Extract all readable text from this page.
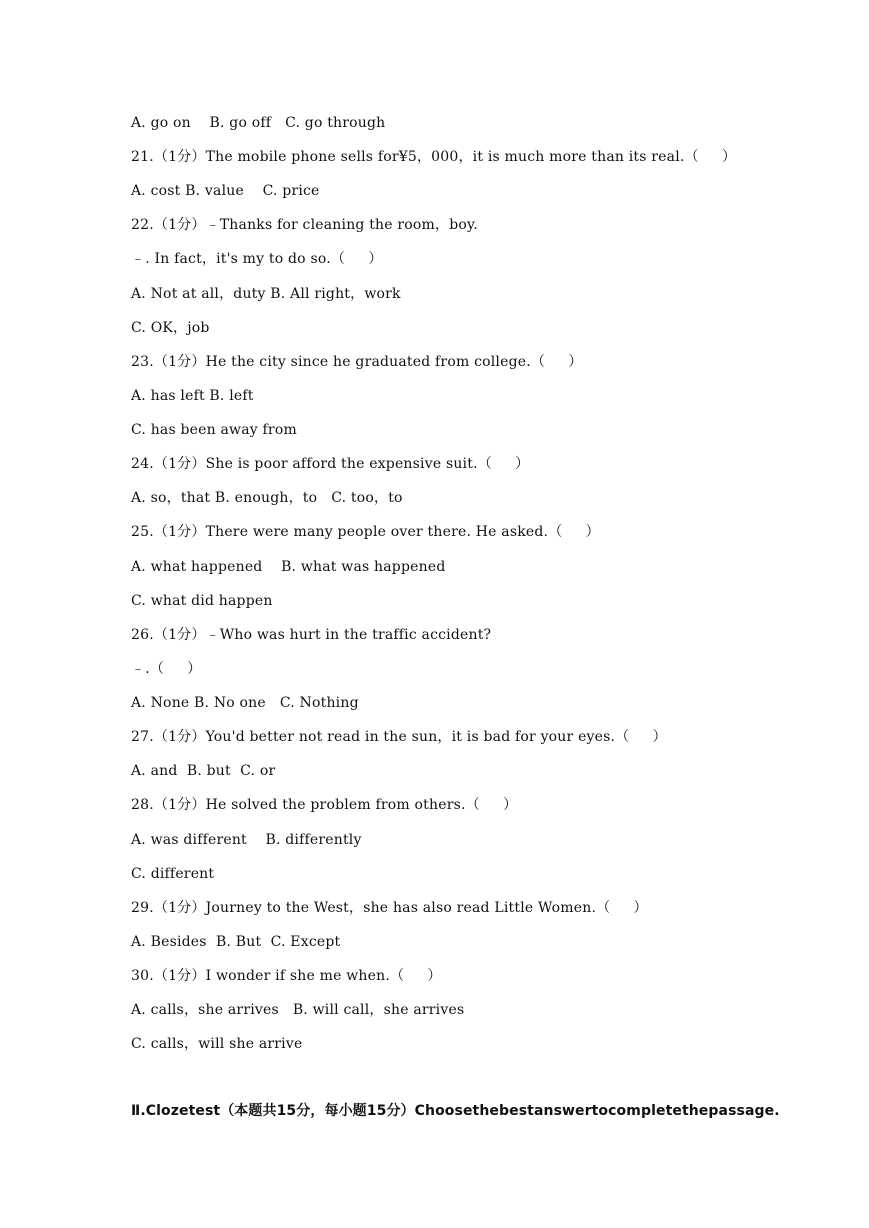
A. go on    B. go off   C. go through
21.（1分）The mobile phone sells for¥5，000，it is much more than its real.（     ）
A. cost B. value    C. price
22.（1分）﹣Thanks for cleaning the room，boy.
﹣. In fact，it's my to do so.（     ）
A. Not at all，duty B. All right，work
C. OK，job
23.（1分）He the city since he graduated from college.（     ）
A. has left B. left
C. has been away from
24.（1分）She is poor afford the expensive suit.（     ）
A. so，that B. enough，to   C. too，to
25.（1分）There were many people over there. He asked.（     ）
A. what happened    B. what was happened
C. what did happen
26.（1分）﹣Who was hurt in the traffic accident?
﹣.（     ）
A. None B. No one   C. Nothing
27.（1分）You'd better not read in the sun，it is bad for your eyes.（     ）
A. and  B. but  C. or
28.（1分）He solved the problem from others.（     ）
A. was different    B. differently
C. different
29.（1分）Journey to the West，she has also read Little Women.（     ）
A. Besides  B. But  C. Except
30.（1分）I wonder if she me when.（     ）
A. calls，she arrives   B. will call，she arrives
C. calls，will she arrive
Ⅱ.Clozetest（本题共15分，每小题15分）Choosethebestanswertocompletethepassage.
